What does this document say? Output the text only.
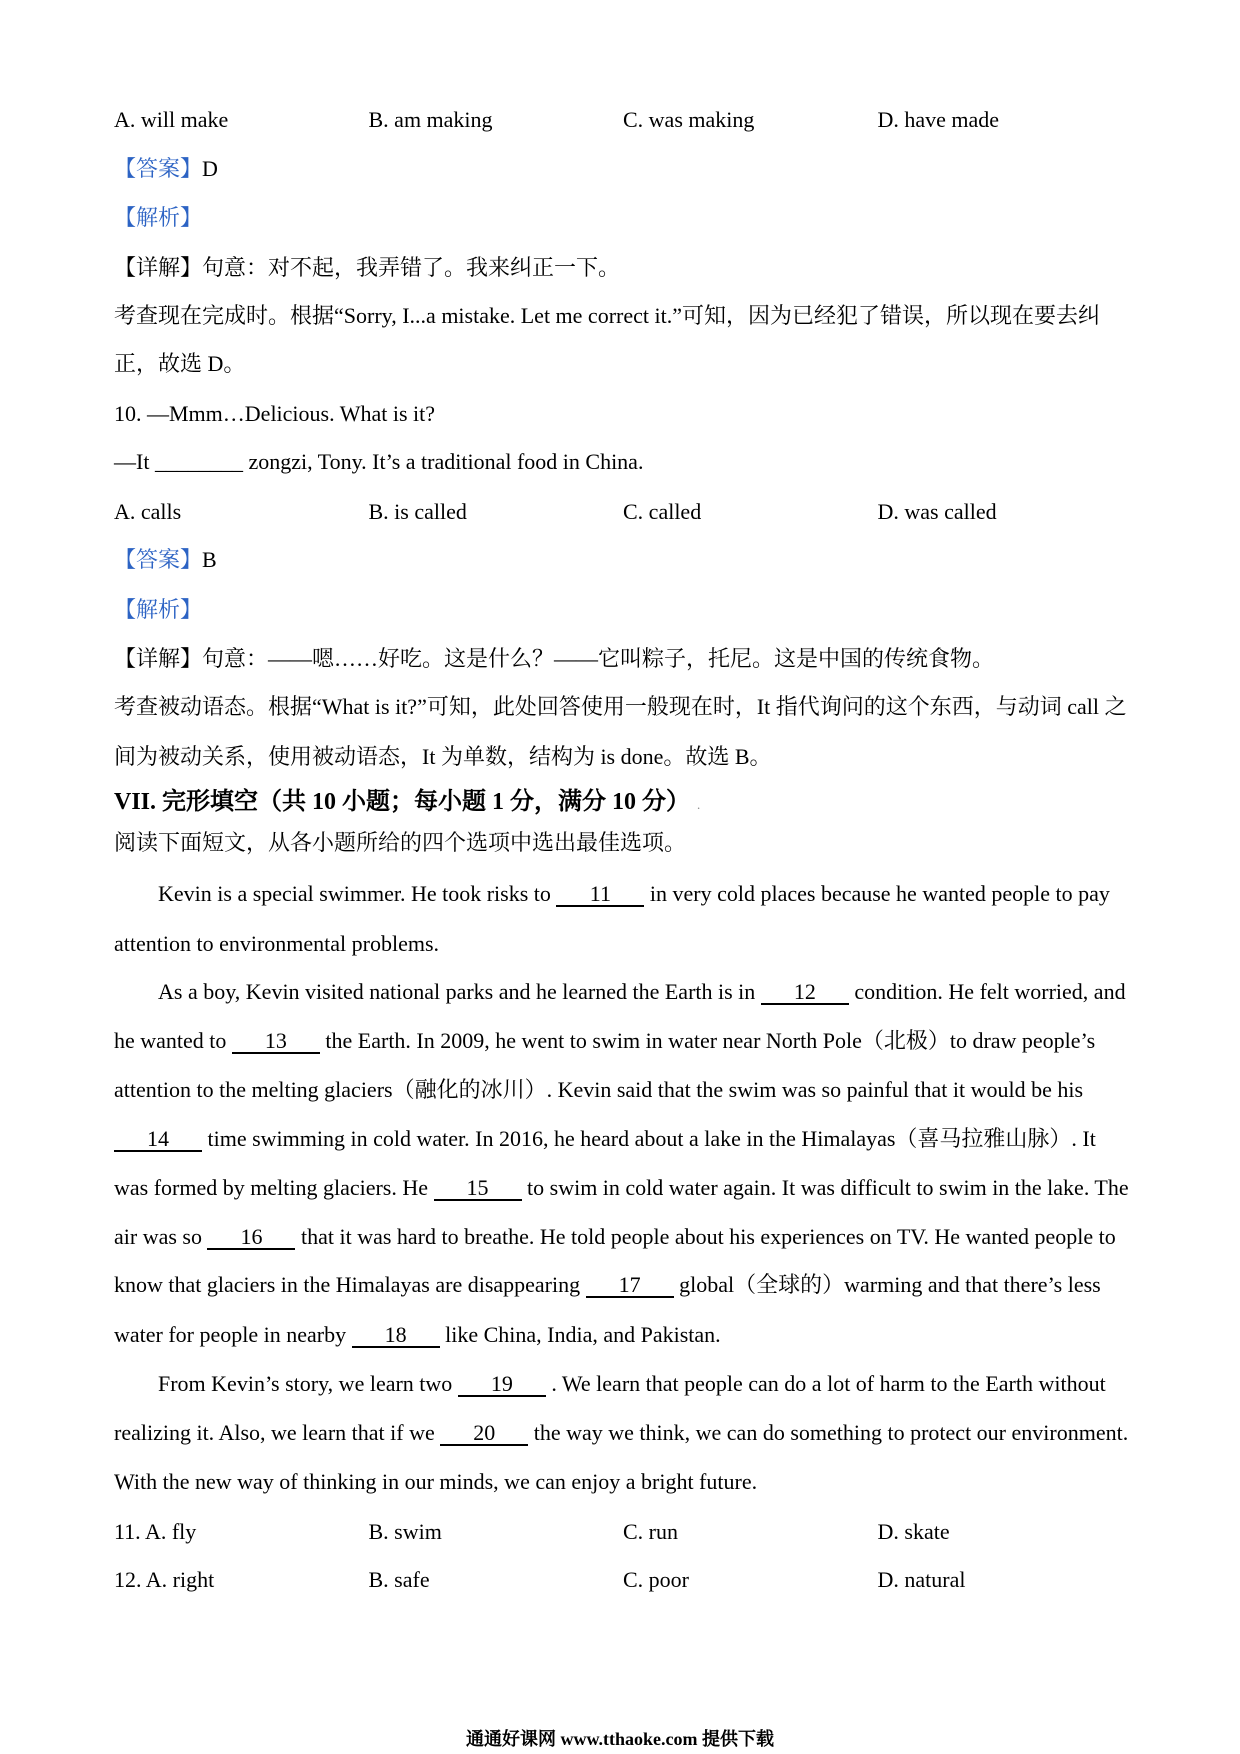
A. will make	B. am making	C. was making	D. have made
【答案】D
【解析】
【详解】句意：对不起，我弄错了。我来纠正一下。
考查现在完成时。根据“Sorry, I...a mistake. Let me correct it.”可知，因为已经犯了错误，所以现在要去纠
正，故选 D。
10. —Mmm…Delicious. What is it?
—It ________ zongzi, Tony. It’s a traditional food in China.
A. calls	B. is called	C. called	D. was called
【答案】B
【解析】
【详解】句意：——嗯……好吃。这是什么？——它叫粽子，托尼。这是中国的传统食物。
考查被动语态。根据“What is it?”可知，此处回答使用一般现在时，It 指代询问的这个东西，与动词 call 之
间为被动关系，使用被动语态，It 为单数，结构为 is done。故选 B。
VII. 完形填空（共 10 小题；每小题 1 分，满分 10 分） .
阅读下面短文，从各小题所给的四个选项中选出最佳选项。
Kevin is a special swimmer. He took risks to 11 in very cold places because he wanted people to pay
attention to environmental problems.
As a boy, Kevin visited national parks and he learned the Earth is in 12 condition. He felt worried, and
he wanted to 13 the Earth. In 2009, he went to swim in water near North Pole（北极）to draw people’s
attention to the melting glaciers（融化的冰川）. Kevin said that the swim was so painful that it would be his
14 time swimming in cold water. In 2016, he heard about a lake in the Himalayas（喜马拉雅山脉）. It
was formed by melting glaciers. He 15 to swim in cold water again. It was difficult to swim in the lake. The
air was so 16 that it was hard to breathe. He told people about his experiences on TV. He wanted people to
know that glaciers in the Himalayas are disappearing 17 global（全球的）warming and that there’s less
water for people in nearby 18 like China, India, and Pakistan.
From Kevin’s story, we learn two 19 . We learn that people can do a lot of harm to the Earth without
realizing it. Also, we learn that if we 20 the way we think, we can do something to protect our environment.
With the new way of thinking in our minds, we can enjoy a bright future.
11. A. fly	B. swim	C. run	D. skate
12. A. right	B. safe	C. poor	D. natural
通通好课网 www.tthaoke.com 提供下载
